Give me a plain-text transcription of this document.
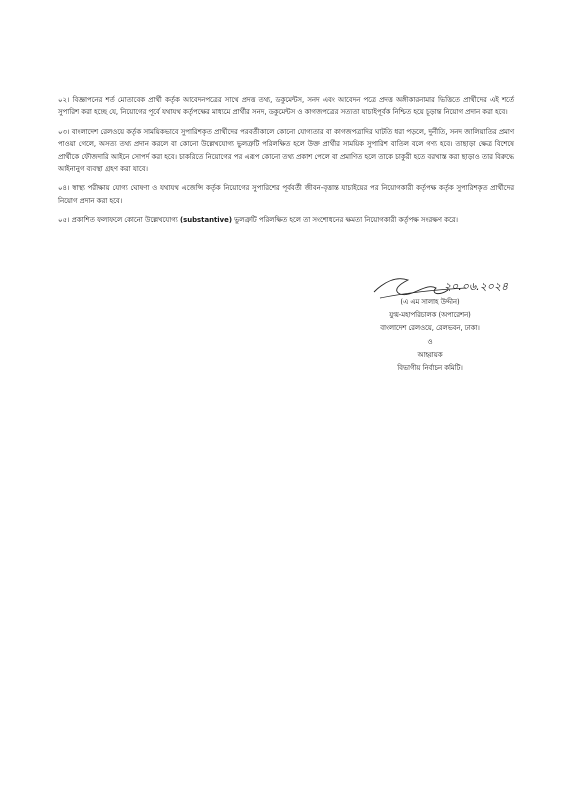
০২। বিজ্ঞাপনের শর্ত মোতাবেক প্রার্থী কর্তৃক আবেদনপত্রের সাথে প্রদত্ত তথ্য, ডকুমেন্টস, সনদ এবং আবেদন পত্রে প্রদত্ত অঙ্গীকারনামার ভিত্তিতে প্রার্থীদের এই শর্তে সুপারিশ করা হচ্ছে যে, নিয়োগের পূর্বে যথাযথ কর্তৃপক্ষের মাধ্যমে প্রার্থীর সনদ, ডকুমেন্টস ও কাগজপত্রের সত্যতা যাচাইপূর্বক নিশ্চিত হয়ে চূড়ান্ত নিয়োগ প্রদান করা হবে।

০৩। বাংলাদেশ রেলওয়ে কর্তৃক সাময়িকভাবে সুপারিশকৃত প্রার্থীদের পরবর্তীকালে কোনো যোগ্যতার বা কাগজপত্রাদির ঘাটতি ধরা পড়লে, দুর্নীতি, সনদ জালিয়াতির প্রমাণ পাওয়া গেলে, অসত্য তথ্য প্রদান করলে বা কোনো উল্লেখযোগ্য ভুলত্রুটি পরিলক্ষিত হলে উক্ত প্রার্থীর সাময়িক সুপারিশ বাতিল বলে গণ্য হবে। তাছাড়া ক্ষেত্র বিশেষে প্রার্থীকে ফৌজদারি আইনে সোপর্দ করা হবে। চাকরিতে নিয়োগের পর এরূপ কোনো তথ্য প্রকাশ পেলে বা প্রমাণিত হলে তাকে চাকুরী হতে বরখাস্ত করা ছাড়াও তার বিরুদ্ধে আইনানুগ ব্যবস্থা গ্রহণ করা যাবে।

০৪। স্বাস্থ্য পরীক্ষায় যোগ্য ঘোষণা ও যথাযথ এজেন্সি কর্তৃক নিয়োগের সুপারিশের পূর্ববর্তী জীবন-বৃত্তান্ত যাচাইয়ের পর নিয়োগকারী কর্তৃপক্ষ কর্তৃক সুপারিশকৃত প্রার্থীদের নিয়োগ প্রদান করা হবে।

০৫। প্রকাশিত ফলাফলে কোনো উল্লেখযোগ্য (substantive) ভুলত্রুটি পরিলক্ষিত হলে তা সংশোধনের ক্ষমতা নিয়োগকারী কর্তৃপক্ষ সংরক্ষণ করে।

২০.০৬.২০২৪
(এ এম সালাহ উদ্দীন)
যুগ্ম-মহাপরিচালক (অপারেশন)
বাংলাদেশ রেলওয়ে, রেলভবন, ঢাকা।
ও
আহ্বায়ক
বিভাগীয় নির্বাচন কমিটি।
